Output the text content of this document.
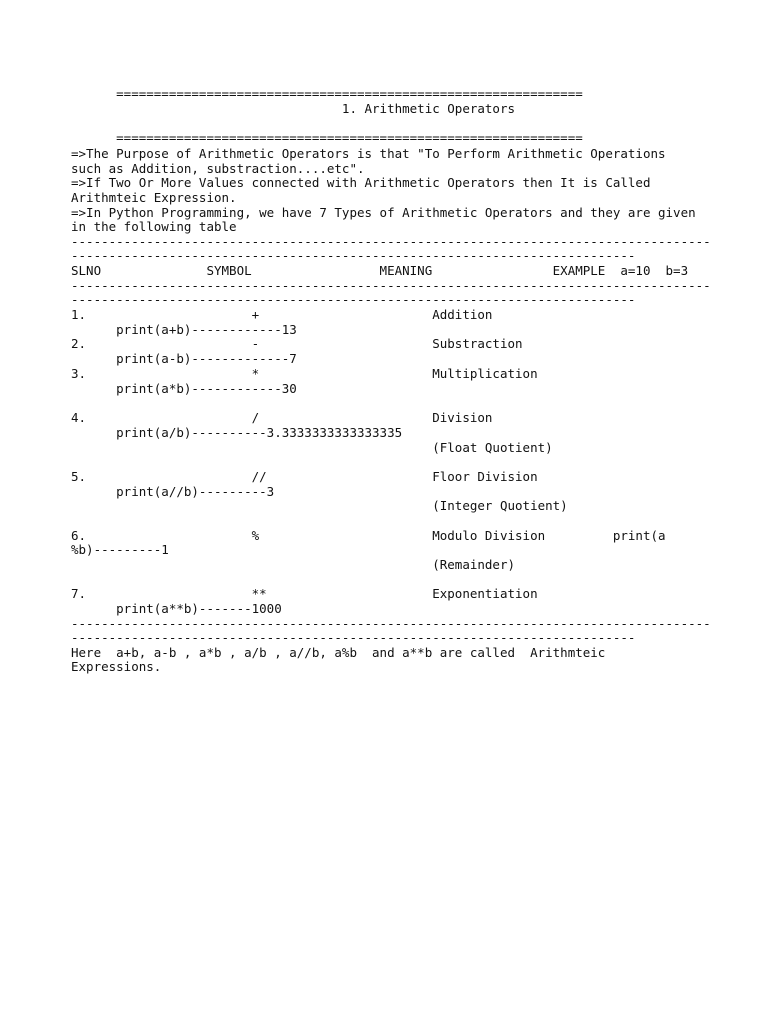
==============================================================
1. Arithmetic Operators
==============================================================
=>The Purpose of Arithmetic Operators is that "To Perform Arithmetic Operations
such as Addition, substraction....etc".
=>If Two Or More Values connected with Arithmetic Operators then It is Called
Arithmteic Expression.
=>In Python Programming, we have 7 Types of Arithmetic Operators and they are given
in the following table
-------------------------------------------------------------------------------------
---------------------------------------------------------------------------
SLNO              SYMBOL                 MEANING                EXAMPLE  a=10  b=3
-------------------------------------------------------------------------------------
---------------------------------------------------------------------------
1.                      +                       Addition
print(a+b)------------13
2.                      -                       Substraction
print(a-b)-------------7
3.                      *                       Multiplication
print(a*b)------------30
4.                      /                       Division
print(a/b)----------3.3333333333333335
(Float Quotient)
5.                      //                      Floor Division
print(a//b)---------3
(Integer Quotient)
6.                      %                       Modulo Division         print(a
%b)---------1
(Remainder)
7.                      **                      Exponentiation
print(a**b)-------1000
-------------------------------------------------------------------------------------
---------------------------------------------------------------------------
Here  a+b, a-b , a*b , a/b , a//b, a%b  and a**b are called  Arithmteic
Expressions.
